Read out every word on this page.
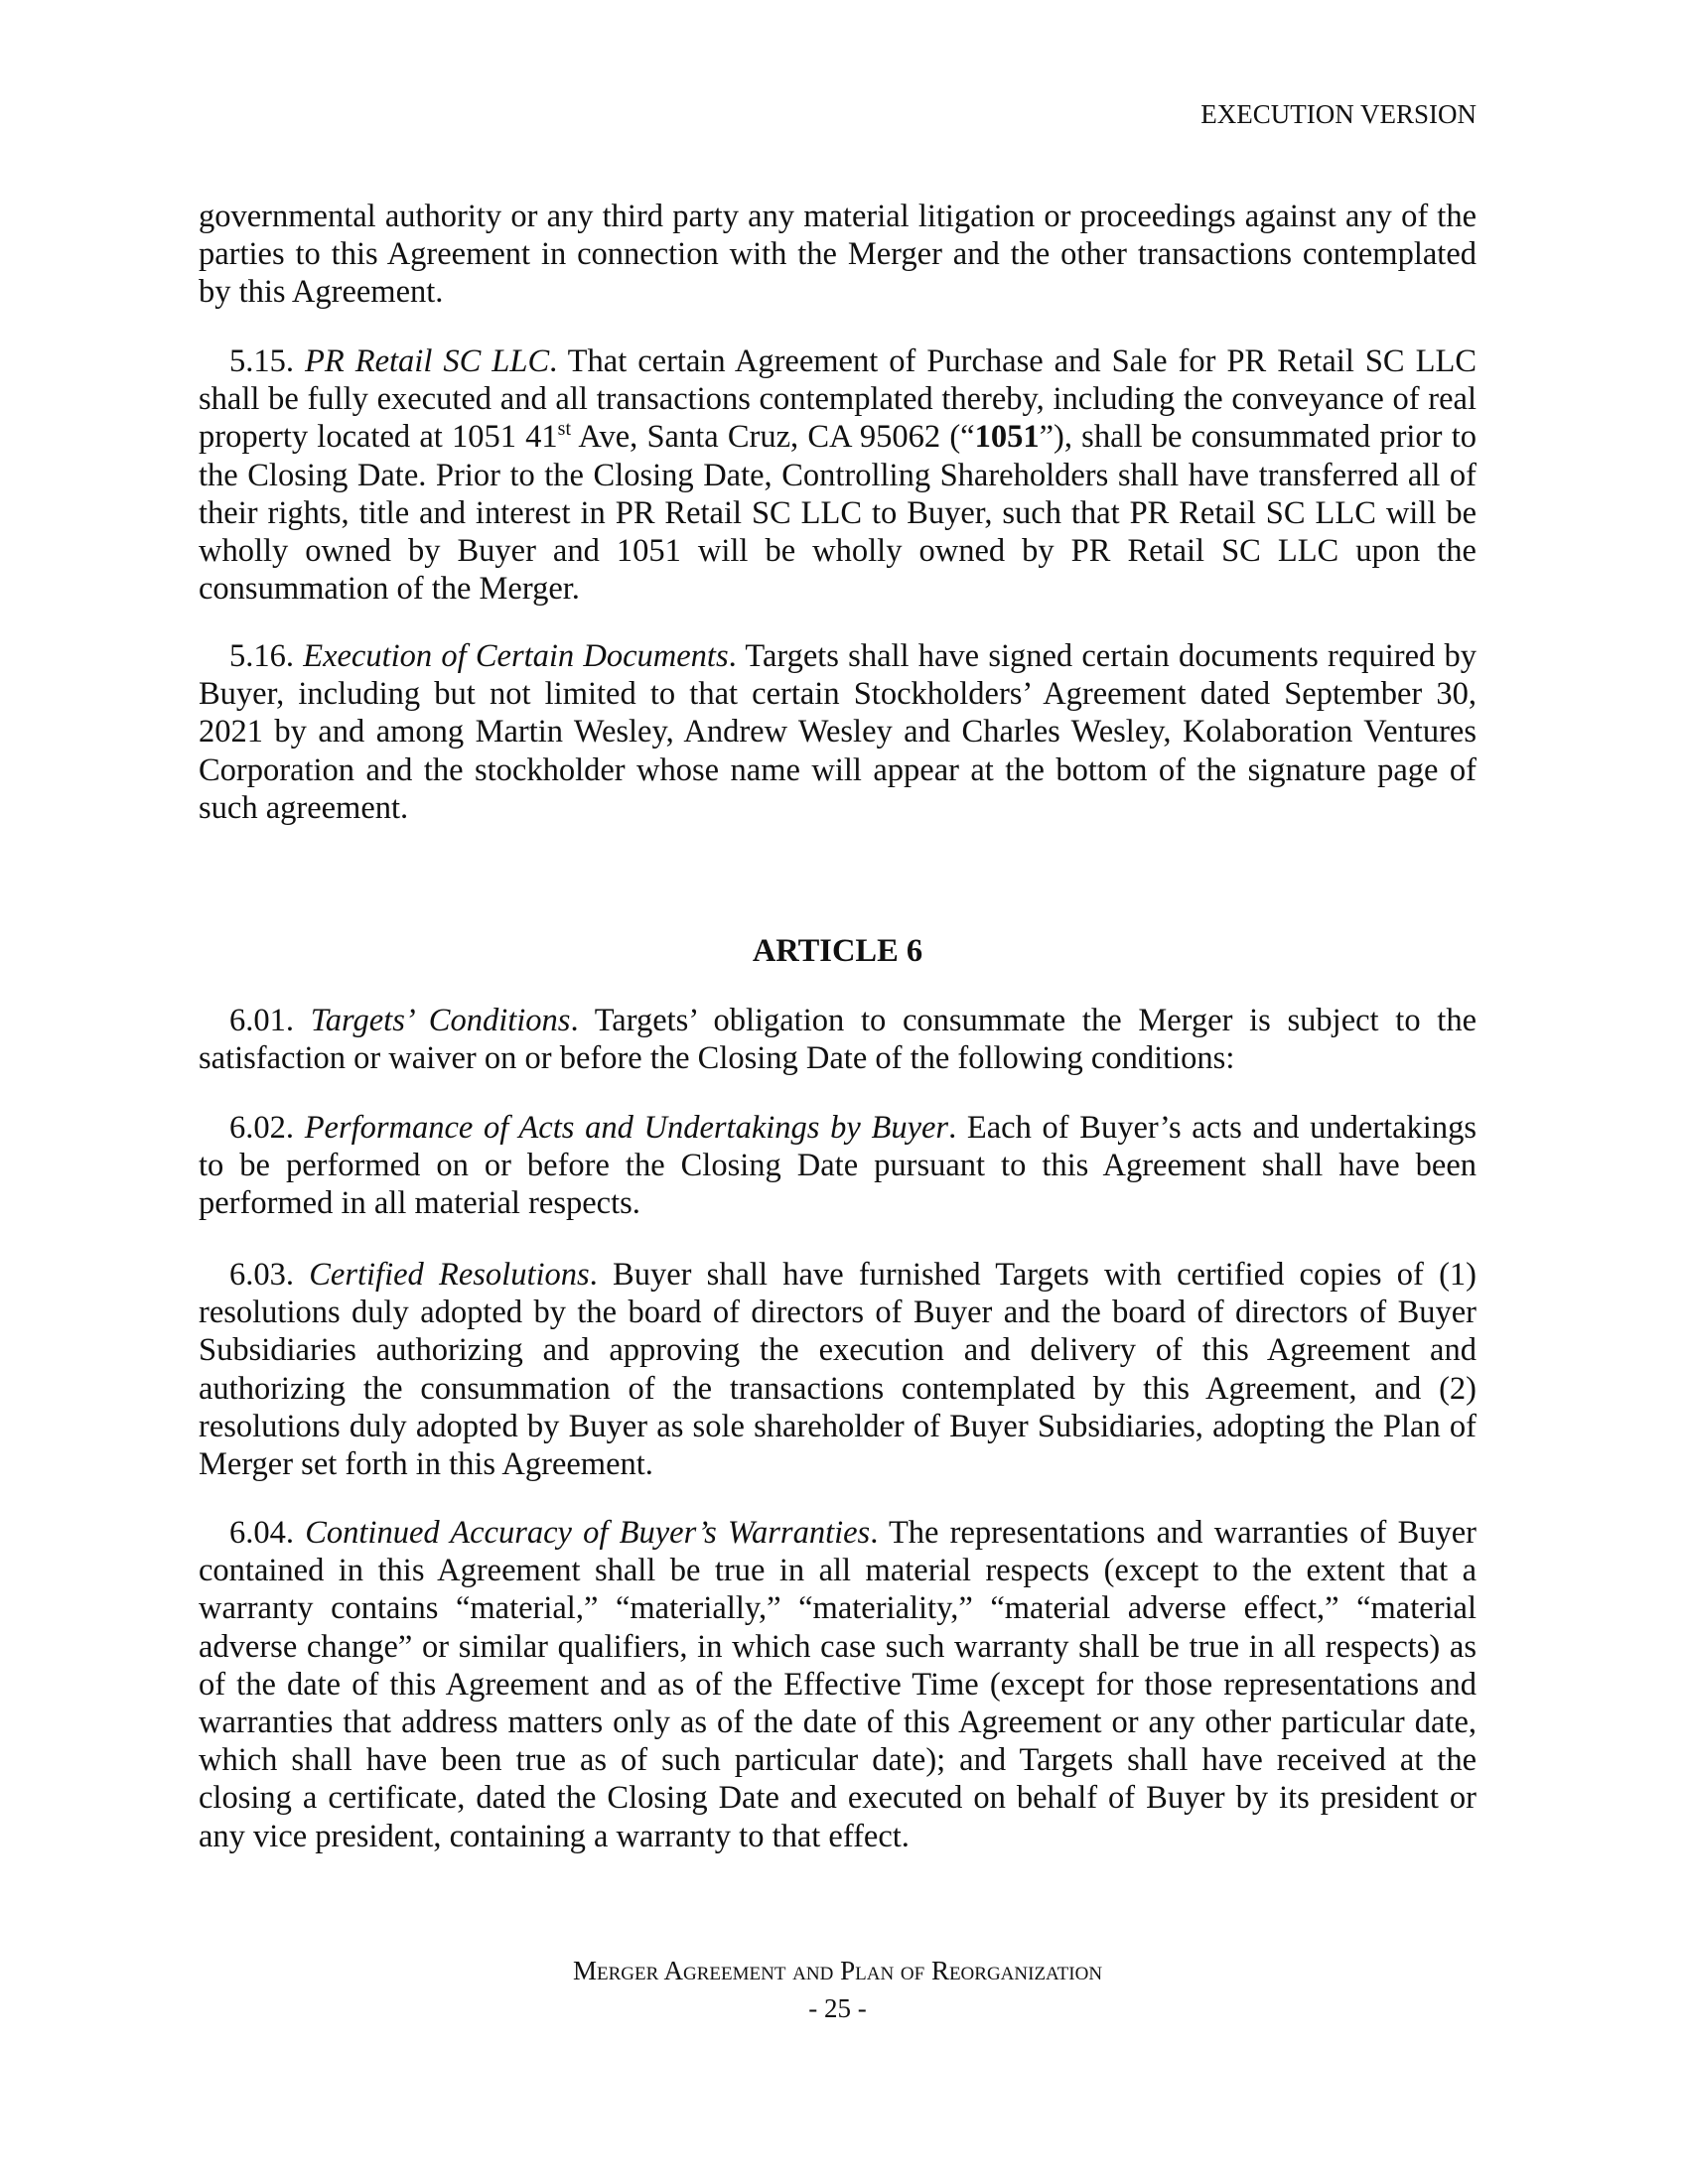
EXECUTION VERSION

governmental authority or any third party any material litigation or proceedings against any of the parties to this Agreement in connection with the Merger and the other transactions contemplated by this Agreement.

5.15. PR Retail SC LLC. That certain Agreement of Purchase and Sale for PR Retail SC LLC shall be fully executed and all transactions contemplated thereby, including the conveyance of real property located at 1051 41st Ave, Santa Cruz, CA 95062 (“1051”), shall be consummated prior to the Closing Date. Prior to the Closing Date, Controlling Shareholders shall have transferred all of their rights, title and interest in PR Retail SC LLC to Buyer, such that PR Retail SC LLC will be wholly owned by Buyer and 1051 will be wholly owned by PR Retail SC LLC upon the consummation of the Merger.

5.16. Execution of Certain Documents. Targets shall have signed certain documents required by Buyer, including but not limited to that certain Stockholders’ Agreement dated September 30, 2021 by and among Martin Wesley, Andrew Wesley and Charles Wesley, Kolaboration Ventures Corporation and the stockholder whose name will appear at the bottom of the signature page of such agreement.

ARTICLE 6

6.01. Targets’ Conditions. Targets’ obligation to consummate the Merger is subject to the satisfaction or waiver on or before the Closing Date of the following conditions:

6.02. Performance of Acts and Undertakings by Buyer. Each of Buyer’s acts and undertakings to be performed on or before the Closing Date pursuant to this Agreement shall have been performed in all material respects.

6.03. Certified Resolutions. Buyer shall have furnished Targets with certified copies of (1) resolutions duly adopted by the board of directors of Buyer and the board of directors of Buyer Subsidiaries authorizing and approving the execution and delivery of this Agreement and authorizing the consummation of the transactions contemplated by this Agreement, and (2) resolutions duly adopted by Buyer as sole shareholder of Buyer Subsidiaries, adopting the Plan of Merger set forth in this Agreement.

6.04. Continued Accuracy of Buyer’s Warranties. The representations and warranties of Buyer contained in this Agreement shall be true in all material respects (except to the extent that a warranty contains “material,” “materially,” “materiality,” “material adverse effect,” “material adverse change” or similar qualifiers, in which case such warranty shall be true in all respects) as of the date of this Agreement and as of the Effective Time (except for those representations and warranties that address matters only as of the date of this Agreement or any other particular date, which shall have been true as of such particular date); and Targets shall have received at the closing a certificate, dated the Closing Date and executed on behalf of Buyer by its president or any vice president, containing a warranty to that effect.

Merger Agreement and Plan of Reorganization
- 25 -
